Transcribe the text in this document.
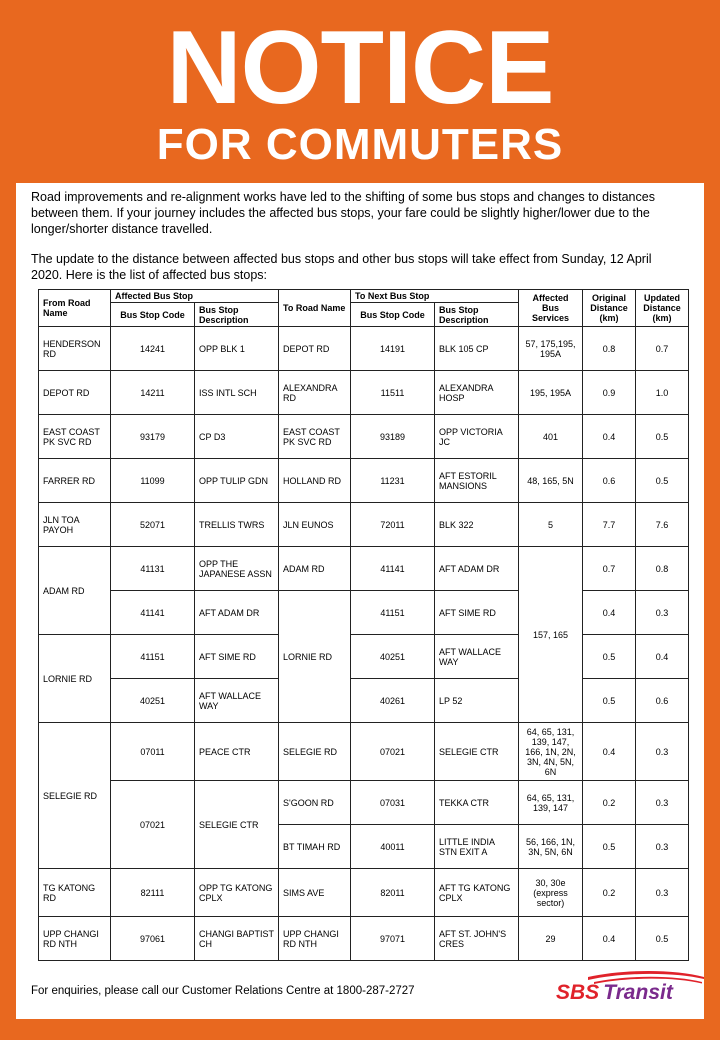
NOTICE
FOR COMMUTERS

Road improvements and re-alignment works have led to the shifting of some bus stops and changes to distances between them. If your journey includes the affected bus stops, your fare could be slightly higher/lower due to the longer/shorter distance travelled.

The update to the distance between affected bus stops and other bus stops will take effect from Sunday, 12 April 2020. Here is the list of affected bus stops:

From Road Name	Affected Bus Stop		To Road Name	To Next Bus Stop		Affected Bus Services	Original Distance (km)	Updated Distance (km)
	Bus Stop Code	Bus Stop Description		Bus Stop Code	Bus Stop Description			
HENDERSON RD	14241	OPP BLK 1	DEPOT RD	14191	BLK 105 CP	57, 175,195, 195A	0.8	0.7
DEPOT RD	14211	ISS INTL SCH	ALEXANDRA RD	11511	ALEXANDRA HOSP	195, 195A	0.9	1.0
EAST COAST PK SVC RD	93179	CP D3	EAST COAST PK SVC RD	93189	OPP VICTORIA JC	401	0.4	0.5
FARRER RD	11099	OPP TULIP GDN	HOLLAND RD	11231	AFT ESTORIL MANSIONS	48, 165, 5N	0.6	0.5
JLN TOA PAYOH	52071	TRELLIS TWRS	JLN EUNOS	72011	BLK 322	5	7.7	7.6
ADAM RD	41131	OPP THE JAPANESE ASSN	ADAM RD	41141	AFT ADAM DR	157, 165	0.7	0.8
	41141	AFT ADAM DR	LORNIE RD	41151	AFT SIME RD		0.4	0.3
LORNIE RD	41151	AFT SIME RD		40251	AFT WALLACE WAY		0.5	0.4
	40251	AFT WALLACE WAY		40261	LP 52		0.5	0.6
SELEGIE RD	07011	PEACE CTR	SELEGIE RD	07021	SELEGIE CTR	64, 65, 131, 139, 147, 166, 1N, 2N, 3N, 4N, 5N, 6N	0.4	0.3
	07021	SELEGIE CTR	S'GOON RD	07031	TEKKA CTR	64, 65, 131, 139, 147	0.2	0.3
			BT TIMAH RD	40011	LITTLE INDIA STN EXIT A	56, 166, 1N, 3N, 5N, 6N	0.5	0.3
TG KATONG RD	82111	OPP TG KATONG CPLX	SIMS AVE	82011	AFT TG KATONG CPLX	30, 30e (express sector)	0.2	0.3
UPP CHANGI RD NTH	97061	CHANGI BAPTIST CH	UPP CHANGI RD NTH	97071	AFT ST. JOHN'S CRES	29	0.4	0.5
For enquiries, please call our Customer Relations Centre at 1800-287-2727	SBS Transit
